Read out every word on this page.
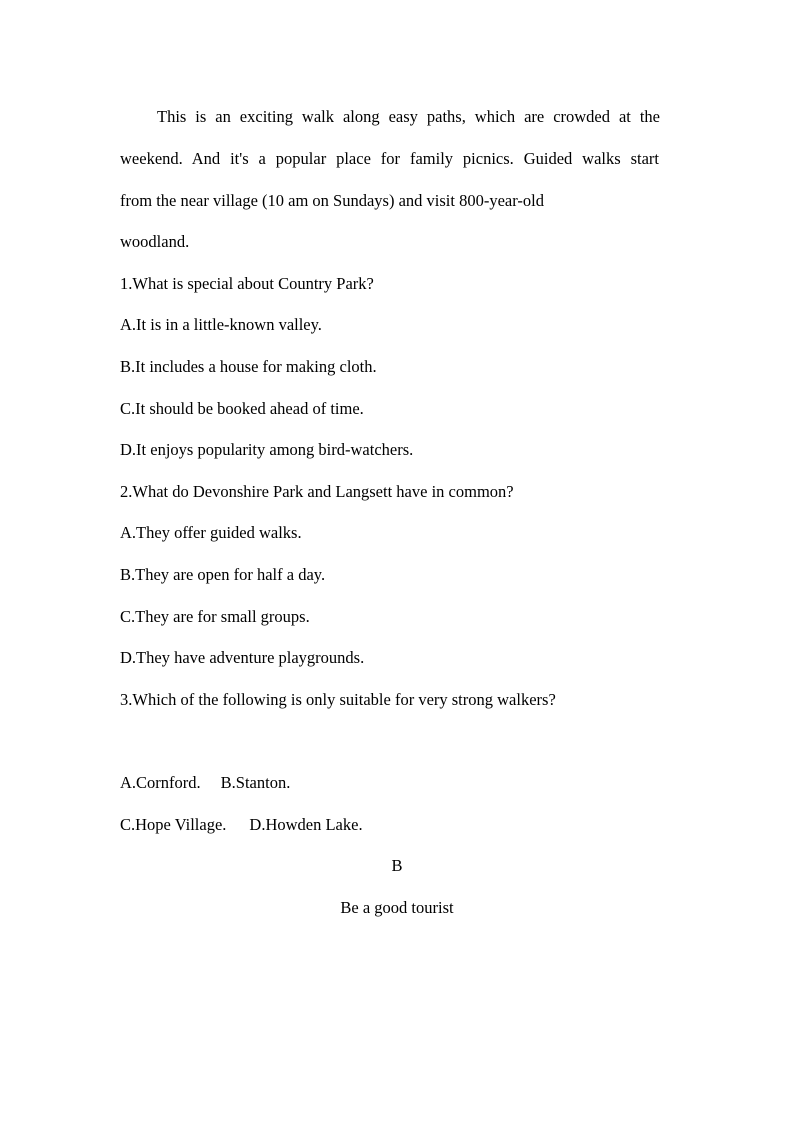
This is an exciting walk along easy paths, which are crowded at the
weekend. And it's a popular place for family picnics. Guided walks start
from the near village (10 am on Sundays) and visit 800-year-old
woodland.
1.What is special about Country Park?
A.It is in a little-known valley.
B.It includes a house for making cloth.
C.It should be booked ahead of time.
D.It enjoys popularity among bird-watchers.
2.What do Devonshire Park and Langsett have in common?
A.They offer guided walks.
B.They are open for half a day.
C.They are for small groups.
D.They have adventure playgrounds.
3.Which of the following is only suitable for very strong walkers?
A.Cornford. B.Stanton.
C.Hope Village. D.Howden Lake.
B
Be a good tourist
